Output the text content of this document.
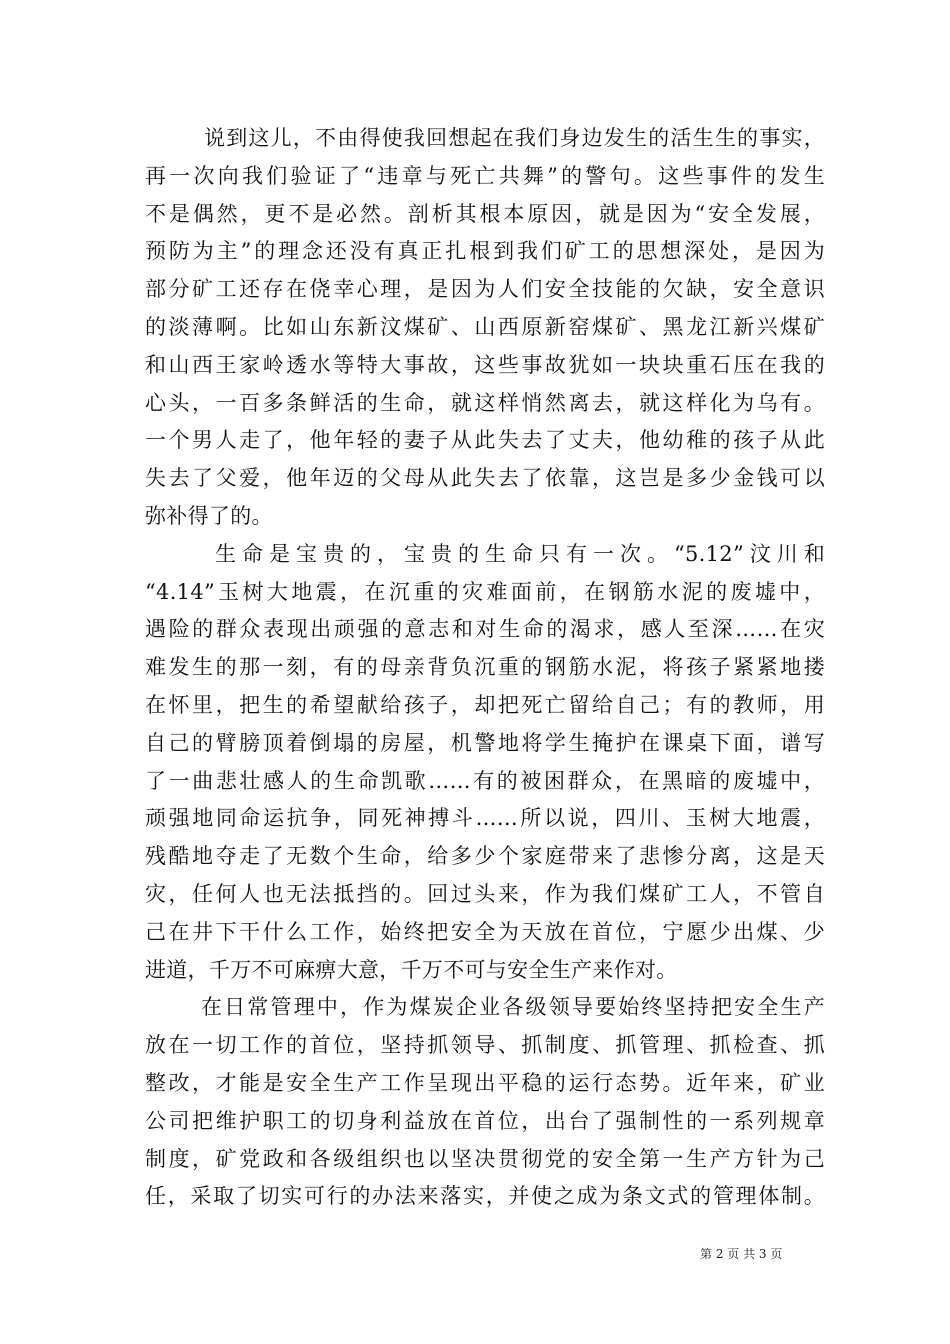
说到这儿，不由得使我回想起在我们身边发生的活生生的事实，
再一次向我们验证了“违章与死亡共舞”的警句。这些事件的发生
不是偶然，更不是必然。剖析其根本原因，就是因为“安全发展，
预防为主”的理念还没有真正扎根到我们矿工的思想深处，是因为
部分矿工还存在侥幸心理，是因为人们安全技能的欠缺，安全意识
的淡薄啊。比如山东新汶煤矿、山西原新窑煤矿、黑龙江新兴煤矿
和山西王家岭透水等特大事故，这些事故犹如一块块重石压在我的
心头，一百多条鲜活的生命，就这样悄然离去，就这样化为乌有。
一个男人走了，他年轻的妻子从此失去了丈夫，他幼稚的孩子从此
失去了父爱，他年迈的父母从此失去了依靠，这岂是多少金钱可以
弥补得了的。
生命是宝贵的，宝贵的生命只有一次。“5.12”汶川和
“4.14”玉树大地震，在沉重的灾难面前，在钢筋水泥的废墟中，
遇险的群众表现出顽强的意志和对生命的渴求，感人至深……在灾
难发生的那一刻，有的母亲背负沉重的钢筋水泥，将孩子紧紧地搂
在怀里，把生的希望献给孩子，却把死亡留给自己；有的教师，用
自己的臂膀顶着倒塌的房屋，机警地将学生掩护在课桌下面，谱写
了一曲悲壮感人的生命凯歌……有的被困群众，在黑暗的废墟中，
顽强地同命运抗争，同死神搏斗……所以说，四川、玉树大地震，
残酷地夺走了无数个生命，给多少个家庭带来了悲惨分离，这是天
灾，任何人也无法抵挡的。回过头来，作为我们煤矿工人，不管自
己在井下干什么工作，始终把安全为天放在首位，宁愿少出煤、少
进道，千万不可麻痹大意，千万不可与安全生产来作对。
在日常管理中，作为煤炭企业各级领导要始终坚持把安全生产
放在一切工作的首位，坚持抓领导、抓制度、抓管理、抓检查、抓
整改，才能是安全生产工作呈现出平稳的运行态势。近年来，矿业
公司把维护职工的切身利益放在首位，出台了强制性的一系列规章
制度，矿党政和各级组织也以坚决贯彻党的安全第一生产方针为己
任，采取了切实可行的办法来落实，并使之成为条文式的管理体制。
第 2 页 共 3 页
